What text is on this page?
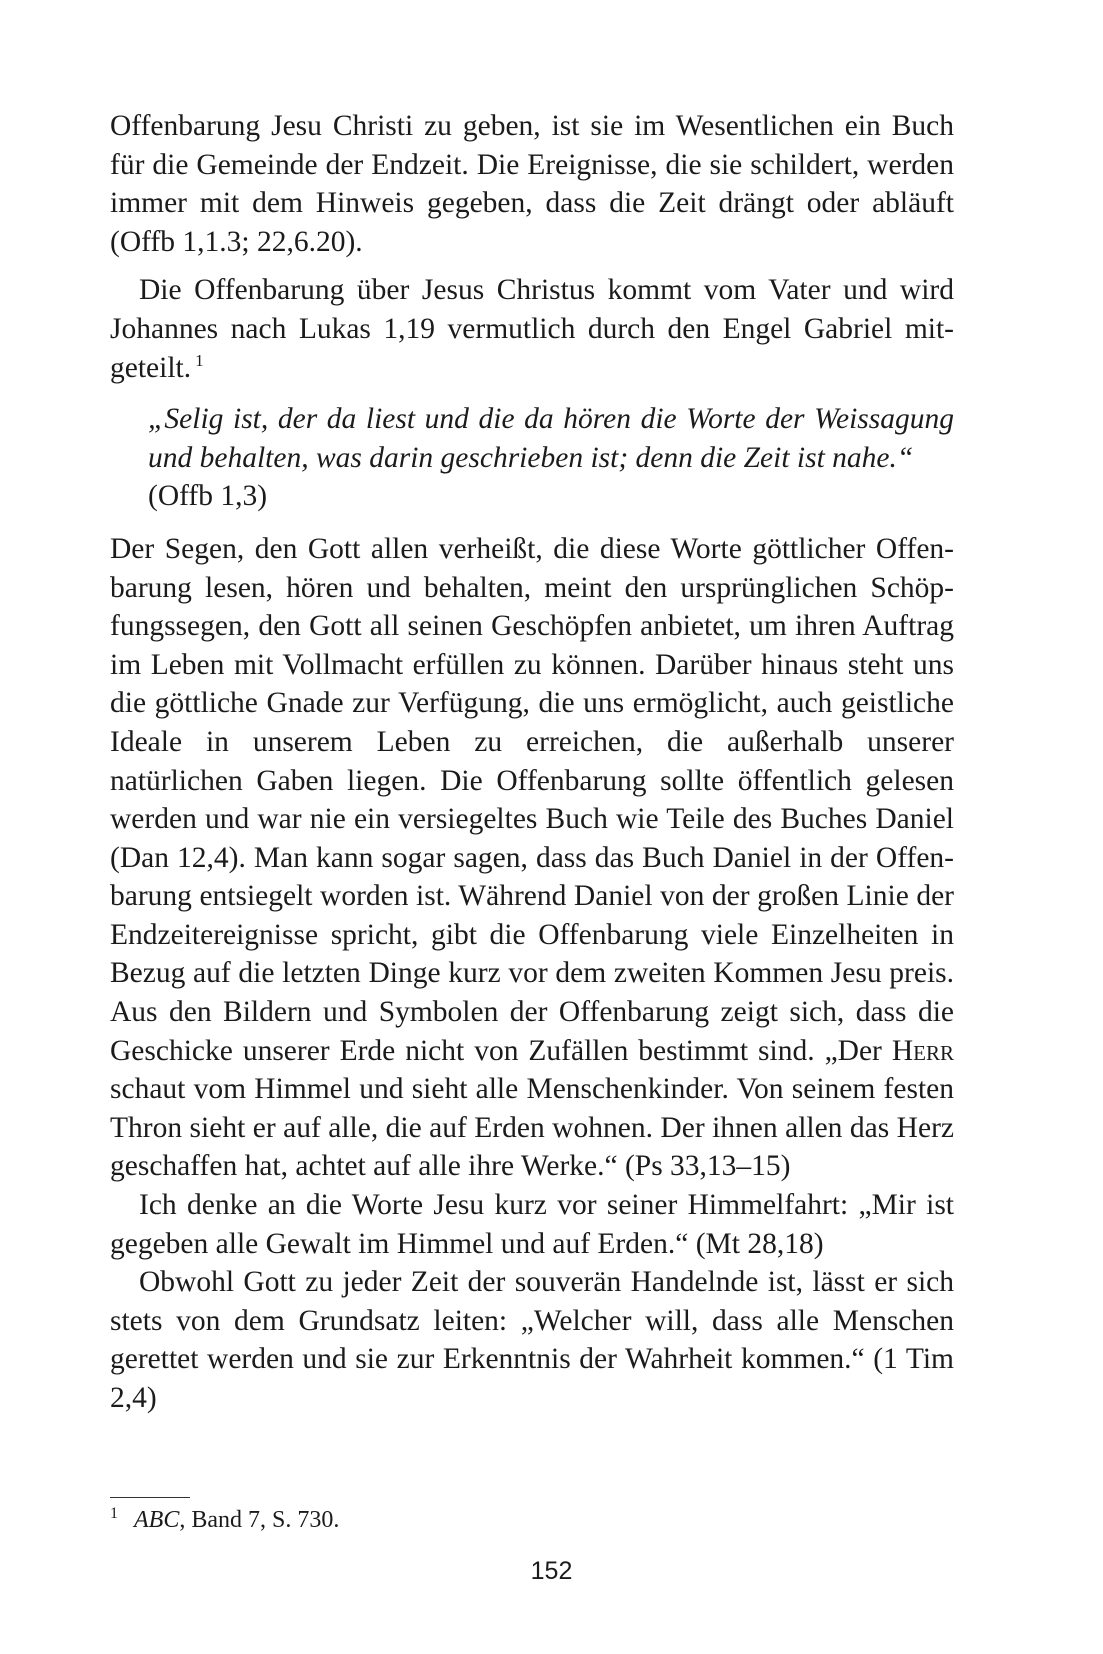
Offenbarung Jesu Christi zu geben, ist sie im Wesentlichen ein Buch für die Gemeinde der Endzeit. Die Ereignisse, die sie schildert, werden immer mit dem Hinweis gegeben, dass die Zeit drängt oder abläuft (Offb 1,1.3; 22,6.20).

Die Offenbarung über Jesus Christus kommt vom Vater und wird Johannes nach Lukas 1,19 vermutlich durch den Engel Gabriel mitgeteilt. $^1$

„Selig ist, der da liest und die da hören die Worte der Weissagung und behalten, was darin geschrieben ist; denn die Zeit ist nahe.“
(Offb 1,3)

Der Segen, den Gott allen verheißt, die diese Worte göttlicher Offenbarung lesen, hören und behalten, meint den ursprünglichen Schöpfungssegen, den Gott all seinen Geschöpfen anbietet, um ihren Auftrag im Leben mit Vollmacht erfüllen zu können. Darüber hinaus steht uns die göttliche Gnade zur Verfügung, die uns ermöglicht, auch geistliche Ideale in unserem Leben zu erreichen, die außerhalb unserer natürlichen Gaben liegen. Die Offenbarung sollte öffentlich gelesen werden und war nie ein versiegeltes Buch wie Teile des Buches Daniel (Dan 12,4). Man kann sogar sagen, dass das Buch Daniel in der Offenbarung entsiegelt worden ist. Während Daniel von der großen Linie der Endzeitereignisse spricht, gibt die Offenbarung viele Einzelheiten in Bezug auf die letzten Dinge kurz vor dem zweiten Kommen Jesu preis. Aus den Bildern und Symbolen der Offenbarung zeigt sich, dass die Geschicke unserer Erde nicht von Zufällen bestimmt sind. „Der Herr schaut vom Himmel und sieht alle Menschenkinder. Von seinem festen Thron sieht er auf alle, die auf Erden wohnen. Der ihnen allen das Herz geschaffen hat, achtet auf alle ihre Werke.“ (Ps 33,13–15)

Ich denke an die Worte Jesu kurz vor seiner Himmelfahrt: „Mir ist gegeben alle Gewalt im Himmel und auf Erden.“ (Mt 28,18)

Obwohl Gott zu jeder Zeit der souverän Handelnde ist, lässt er sich stets von dem Grundsatz leiten: „Welcher will, dass alle Menschen gerettet werden und sie zur Erkenntnis der Wahrheit kommen.“ (1 Tim 2,4)

$^1$ ABC, Band 7, S. 730.
152
